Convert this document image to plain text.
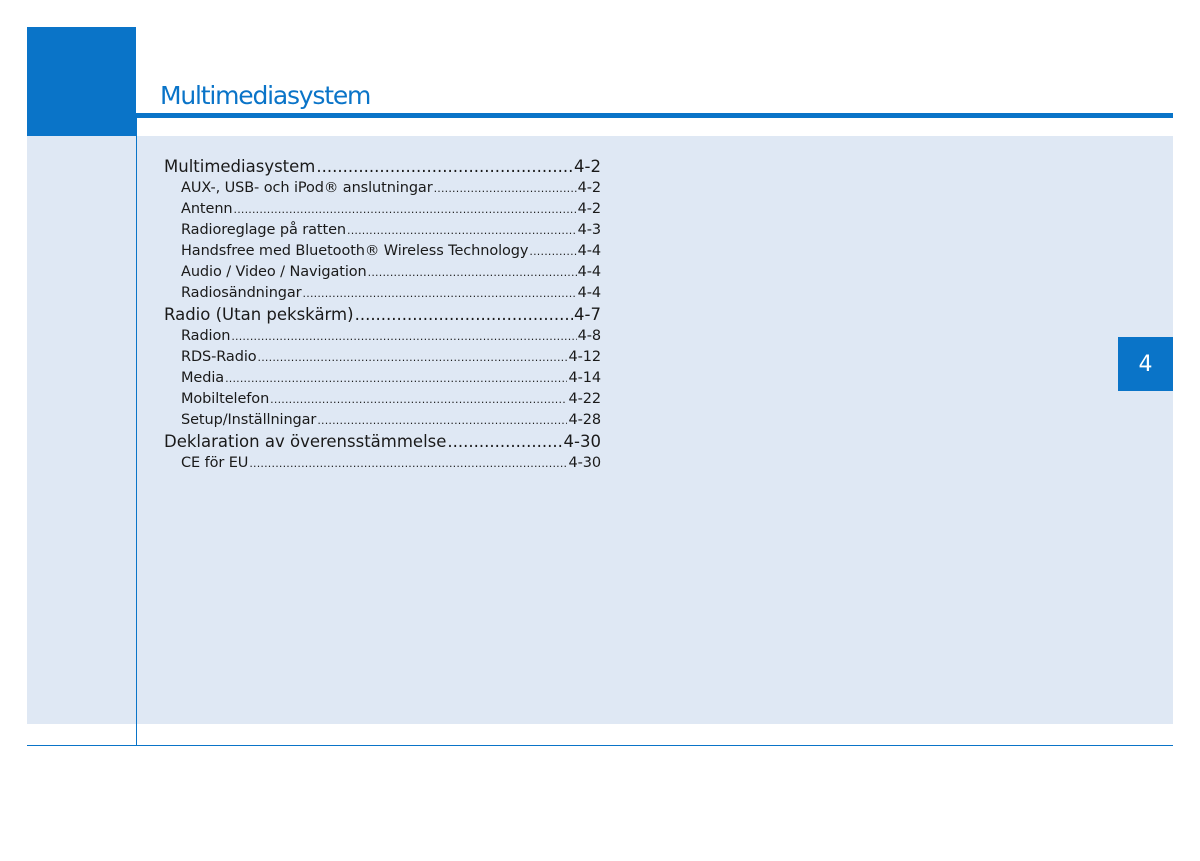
Multimediasystem
4
Multimediasystem .....	4-2
AUX-, USB- och iPod® anslutningar .....	4-2
Antenn .....	4-2
Radioreglage på ratten .....	4-3
Handsfree med Bluetooth® Wireless Technology .....	4-4
Audio / Video / Navigation .....	4-4
Radiosändningar .....	4-4
Radio (Utan pekskärm) .....	4-7
Radion .....	4-8
RDS-Radio .....	4-12
Media .....	4-14
Mobiltelefon .....	4-22
Setup/Inställningar .....	4-28
Deklaration av överensstämmelse .....	4-30
CE för EU .....	4-30
